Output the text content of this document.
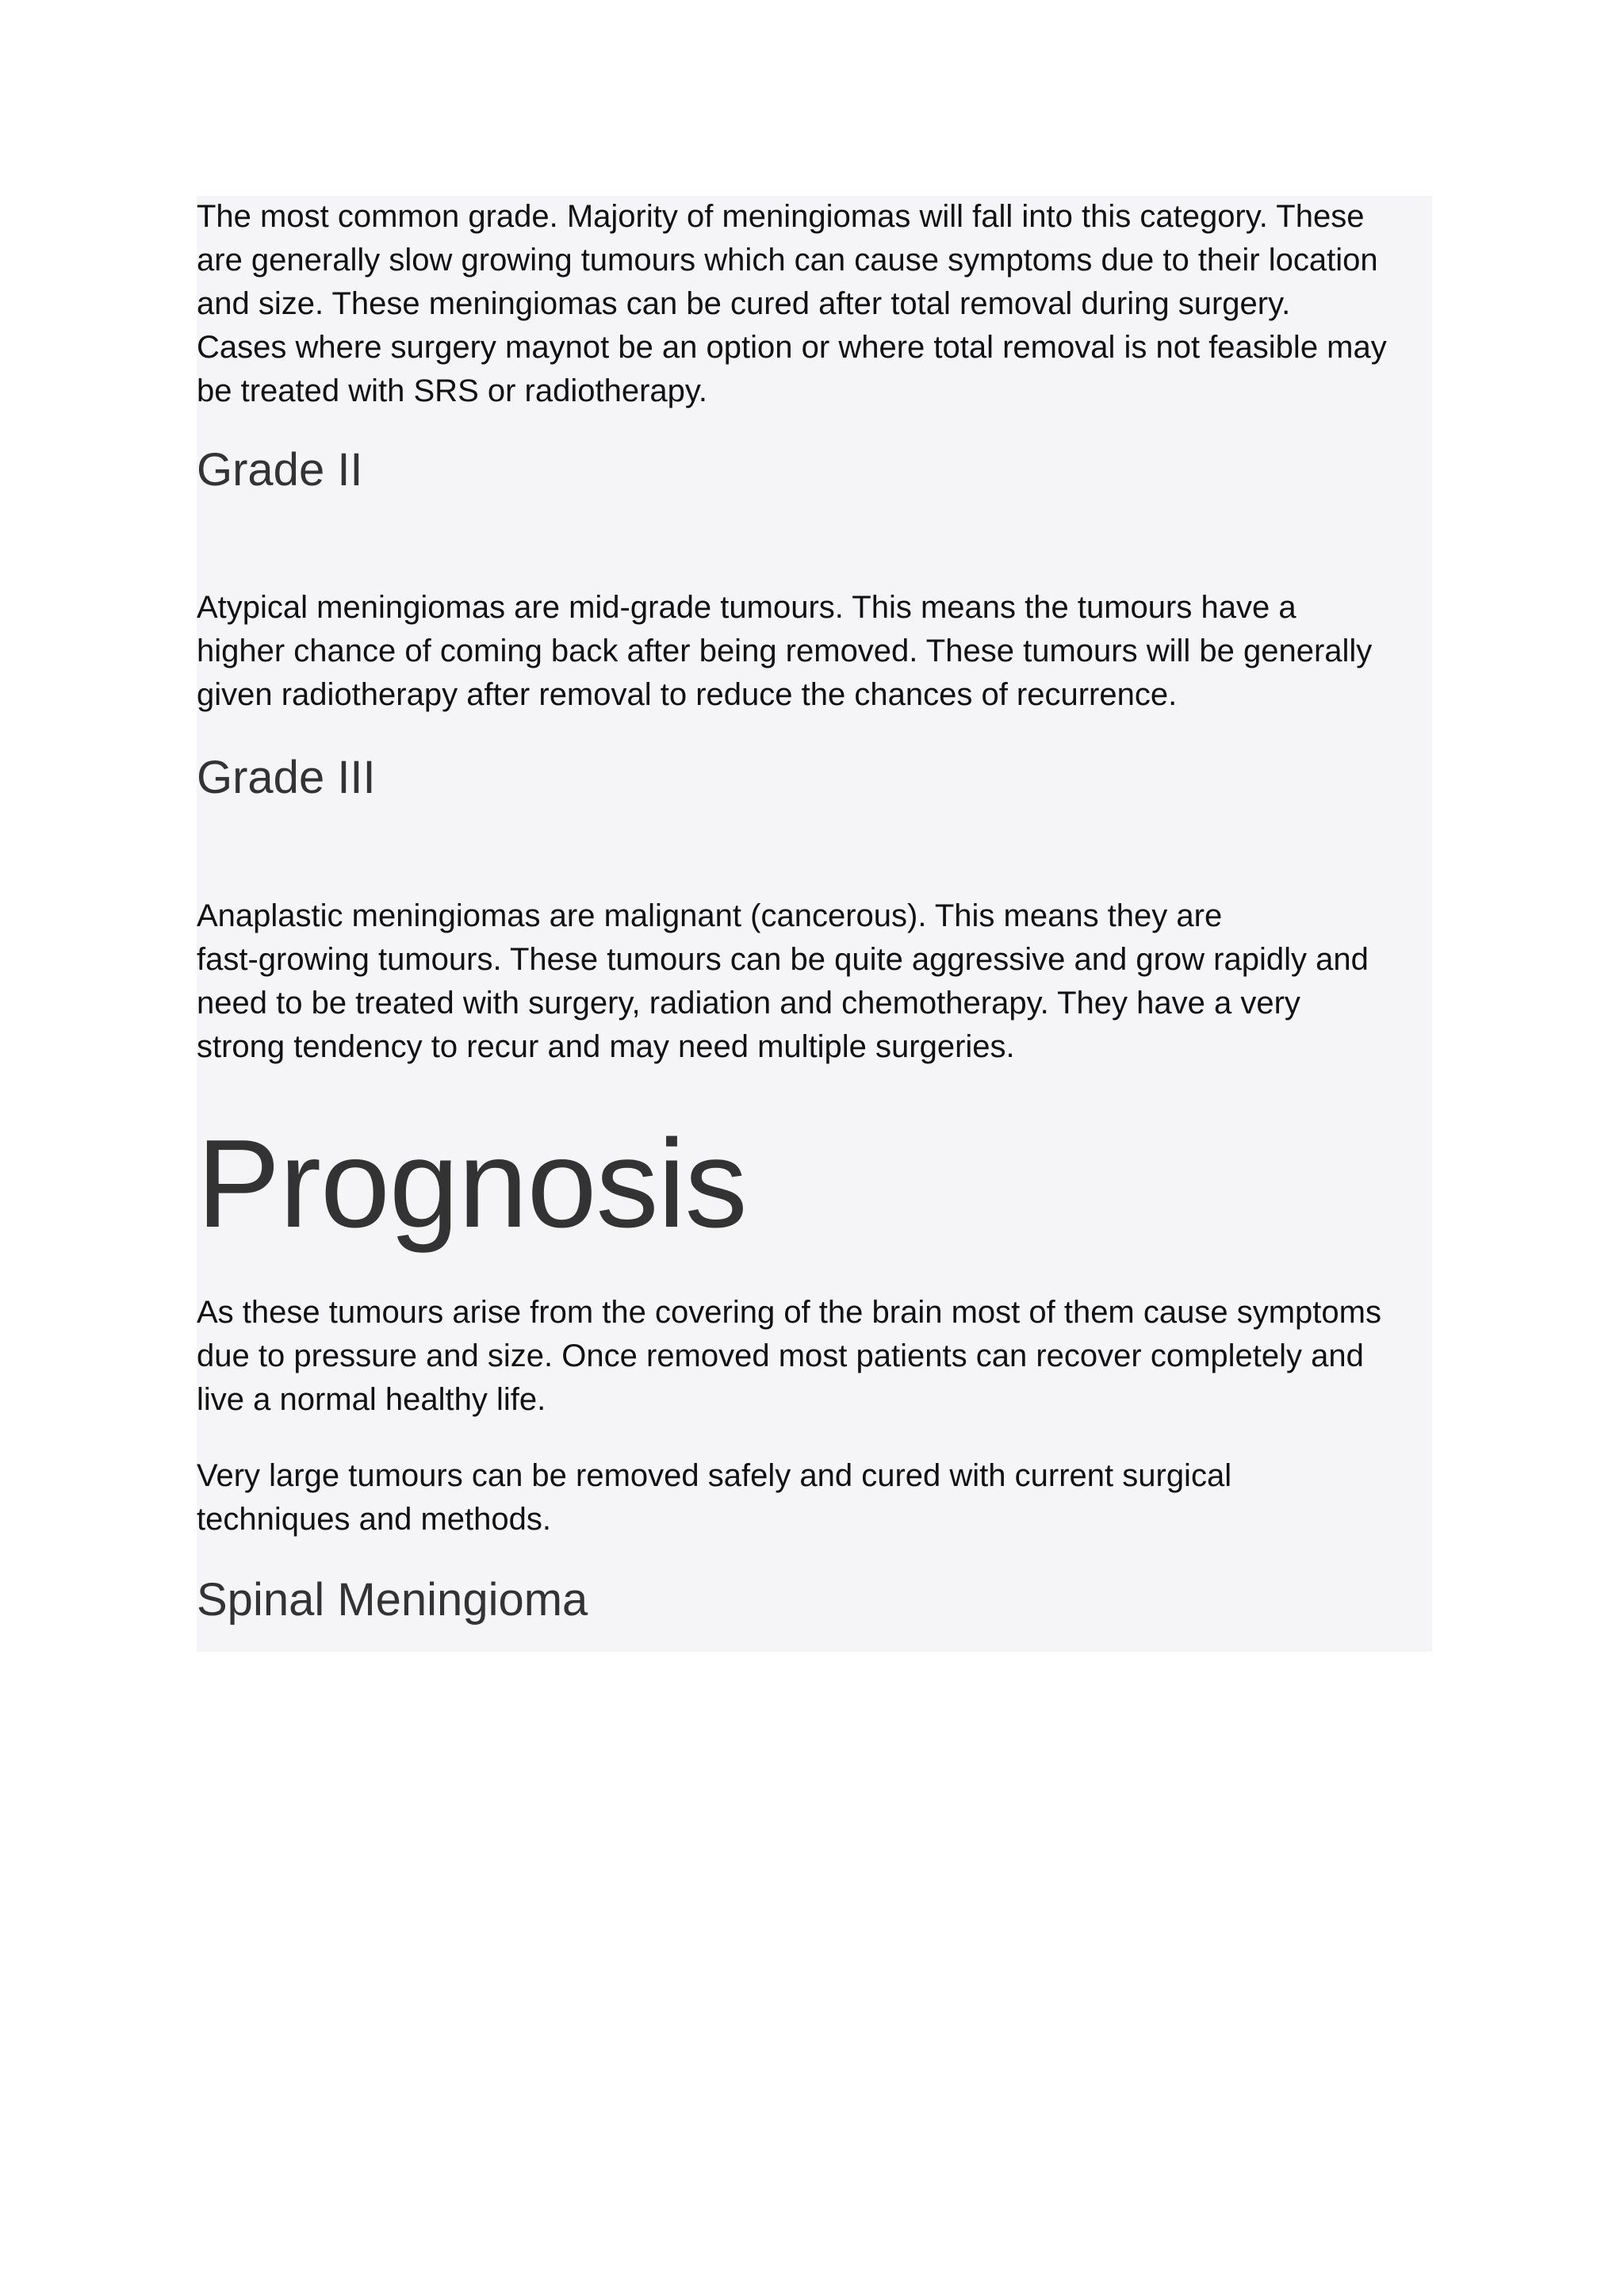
The most common grade. Majority of meningiomas will fall into this category. These
are generally slow growing tumours which can cause symptoms due to their location
and size. These meningiomas can be cured after total removal during surgery.
Cases where surgery maynot be an option or where total removal is not feasible may
be treated with SRS or radiotherapy.

Grade II

Atypical meningiomas are mid-grade tumours. This means the tumours have a
higher chance of coming back after being removed. These tumours will be generally
given radiotherapy after removal to reduce the chances of recurrence.

Grade III

Anaplastic meningiomas are malignant (cancerous). This means they are
fast-growing tumours. These tumours can be quite aggressive and grow rapidly and
need to be treated with surgery, radiation and chemotherapy. They have a very
strong tendency to recur and may need multiple surgeries.

Prognosis

As these tumours arise from the covering of the brain most of them cause symptoms
due to pressure and size. Once removed most patients can recover completely and
live a normal healthy life.

Very large tumours can be removed safely and cured with current surgical
techniques and methods.

Spinal Meningioma
